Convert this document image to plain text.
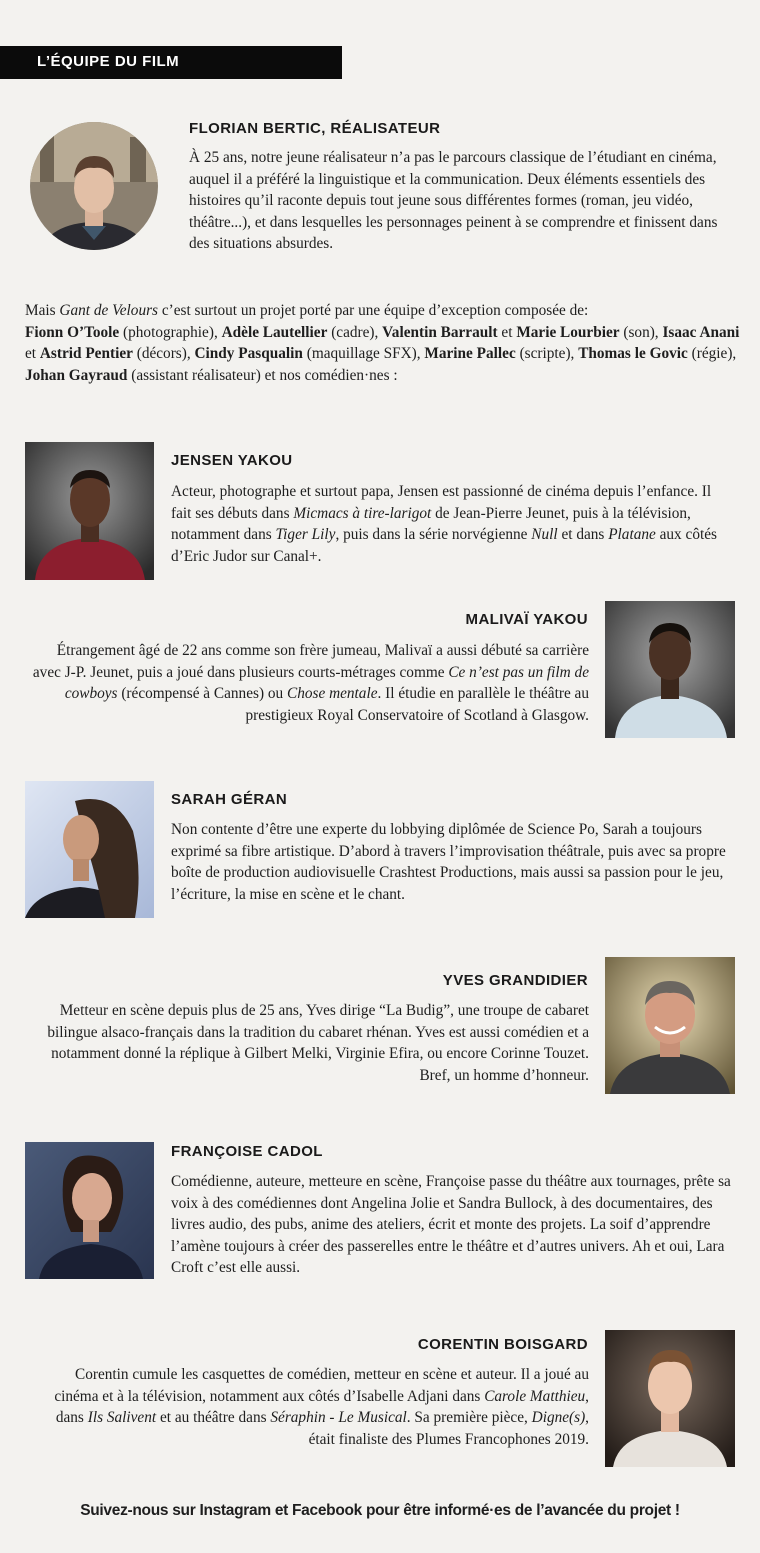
L’ÉQUIPE DU FILM
FLORIAN BERTIC, RÉALISATEUR

À 25 ans, notre jeune réalisateur n’a pas le parcours classique de l’étudiant en cinéma, auquel il a préféré la linguistique et la communication. Deux éléments essentiels des histoires qu’il raconte depuis tout jeune sous différentes formes (roman, jeu vidéo, théâtre...), et dans lesquelles les personnages peinent à se comprendre et finissent dans des situations absurdes.

Mais Gant de Velours c’est surtout un projet porté par une équipe d’exception composée de:
Fionn O’Toole (photographie), Adèle Lautellier (cadre), Valentin Barrault et Marie Lourbier (son), Isaac Anani et Astrid Pentier (décors), Cindy Pasqualin (maquillage SFX), Marine Pallec (scripte), Thomas le Govic (régie), Johan Gayraud (assistant réalisateur) et nos comédien·nes :

JENSEN YAKOU

Acteur, photographe et surtout papa, Jensen est passionné de cinéma depuis l’enfance. Il fait ses débuts dans Micmacs à tire-larigot de Jean-Pierre Jeunet, puis à la télévision, notamment dans Tiger Lily, puis dans la série norvégienne Null et dans Platane aux côtés d’Eric Judor sur Canal+.

MALIVAÏ YAKOU

Étrangement âgé de 22 ans comme son frère jumeau, Malivaï a aussi débuté sa carrière avec J-P. Jeunet, puis a joué dans plusieurs courts-métrages comme Ce n’est pas un film de cowboys (récompensé à Cannes) ou Chose mentale. Il étudie en parallèle le théâtre au prestigieux Royal Conservatoire of Scotland à Glasgow.

SARAH GÉRAN

Non contente d’être une experte du lobbying diplômée de Science Po, Sarah a toujours exprimé sa fibre artistique. D’abord à travers l’improvisation théâtrale, puis avec sa propre boîte de production audiovisuelle Crashtest Productions, mais aussi sa passion pour le jeu, l’écriture, la mise en scène et le chant.

YVES GRANDIDIER

Metteur en scène depuis plus de 25 ans, Yves dirige “La Budig”, une troupe de cabaret bilingue alsaco-français dans la tradition du cabaret rhénan. Yves est aussi comédien et a notamment donné la réplique à Gilbert Melki, Virginie Efira, ou encore Corinne Touzet. Bref, un homme d’honneur.

FRANÇOISE CADOL

Comédienne, auteure, metteure en scène, Françoise passe du théâtre aux tournages, prête sa voix à des comédiennes dont Angelina Jolie et Sandra Bullock, à des documentaires, des livres audio, des pubs, anime des ateliers, écrit et monte des projets. La soif d’apprendre l’amène toujours à créer des passerelles entre le théâtre et d’autres univers. Ah et oui, Lara Croft c’est elle aussi.

CORENTIN BOISGARD

Corentin cumule les casquettes de comédien, metteur en scène et auteur. Il a joué au cinéma et à la télévision, notamment aux côtés d’Isabelle Adjani dans Carole Matthieu, dans Ils Salivent et au théâtre dans Séraphin - Le Musical. Sa première pièce, Digne(s), était finaliste des Plumes Francophones 2019.

Suivez-nous sur Instagram et Facebook pour être informé·es de l’avancée du projet !
